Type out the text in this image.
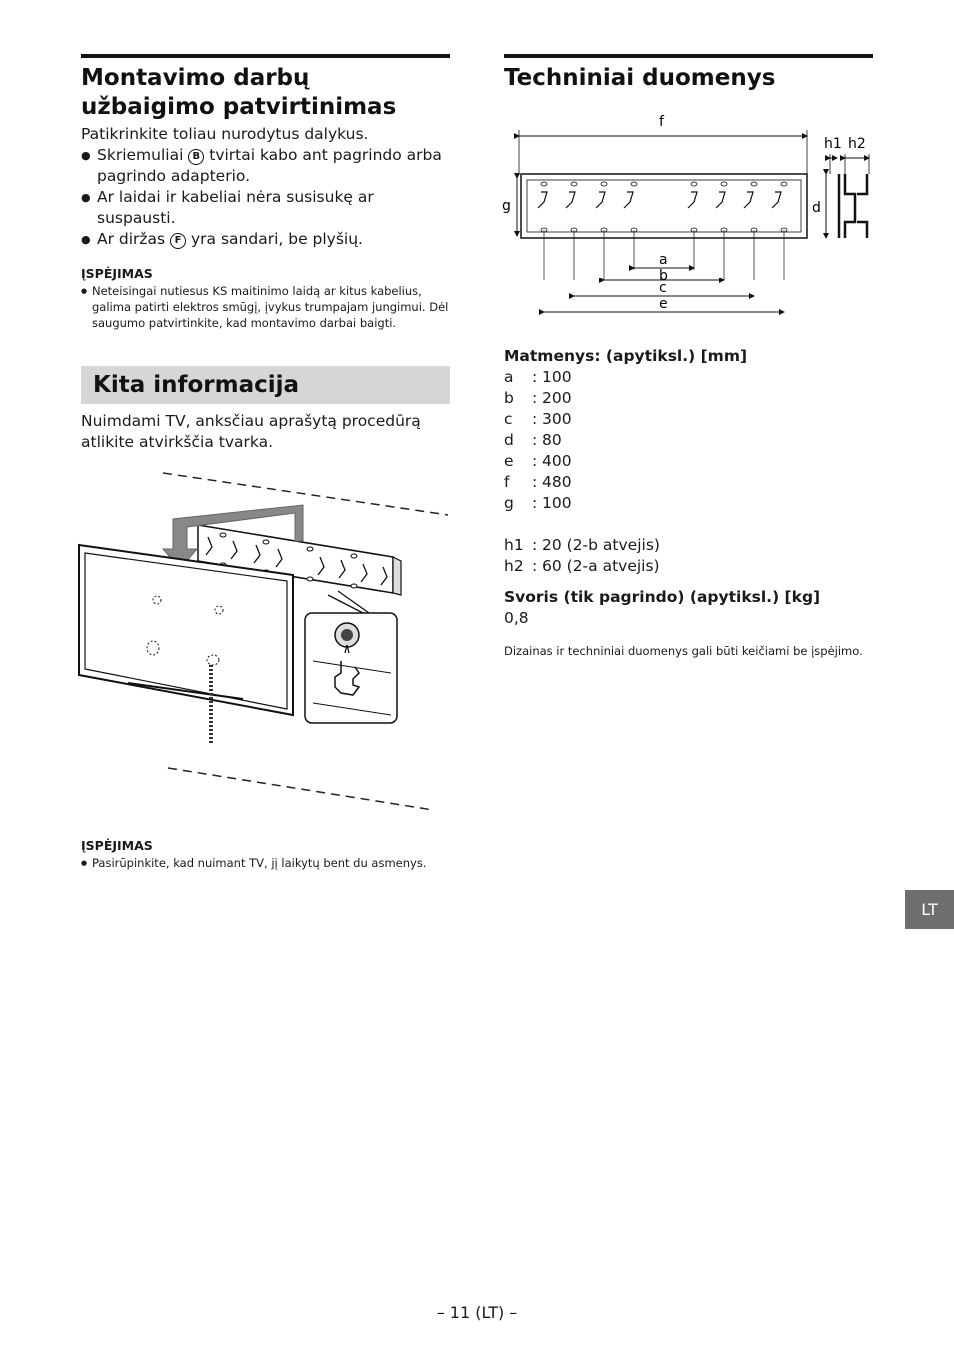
Montavimo darbų užbaigimo patvirtinimas

Patikrinkite toliau nurodytus dalykus.

● Skriemuliai B tvirtai kabo ant pagrindo arba pagrindo adapterio.
● Ar laidai ir kabeliai nėra susisukę ar suspausti.
● Ar diržas F yra sandari, be plyšių.
ĮSPĖJIMAS
● Neteisingai nutiesus KS maitinimo laidą ar kitus kabelius, galima patirti elektros smūgį, įvykus trumpajam jungimui. Dėl saugumo patvirtinkite, kad montavimo darbai baigti.
Kita informacija

Nuimdami TV, anksčiau aprašytą procedūrą atlikite atvirkščia tvarka.

ĮSPĖJIMAS
● Pasirūpinkite, kad nuimant TV, jį laikytų bent du asmenys.
Techniniai duomenys
f
g	d
h1 h2
a
b
c
e

Matmenys: (apytiksl.) [mm]

a	: 100
b	: 200
c	: 300
d	: 80
e	: 400
f	: 480
g	: 100
h1 : 20 (2-b atvejis)
h2 : 60 (2-a atvejis)

Svoris (tik pagrindo) (apytiksl.) [kg]

0,8

Dizainas ir techniniai duomenys gali būti keičiami be įspėjimo.

LT
– 11 (LT) –
